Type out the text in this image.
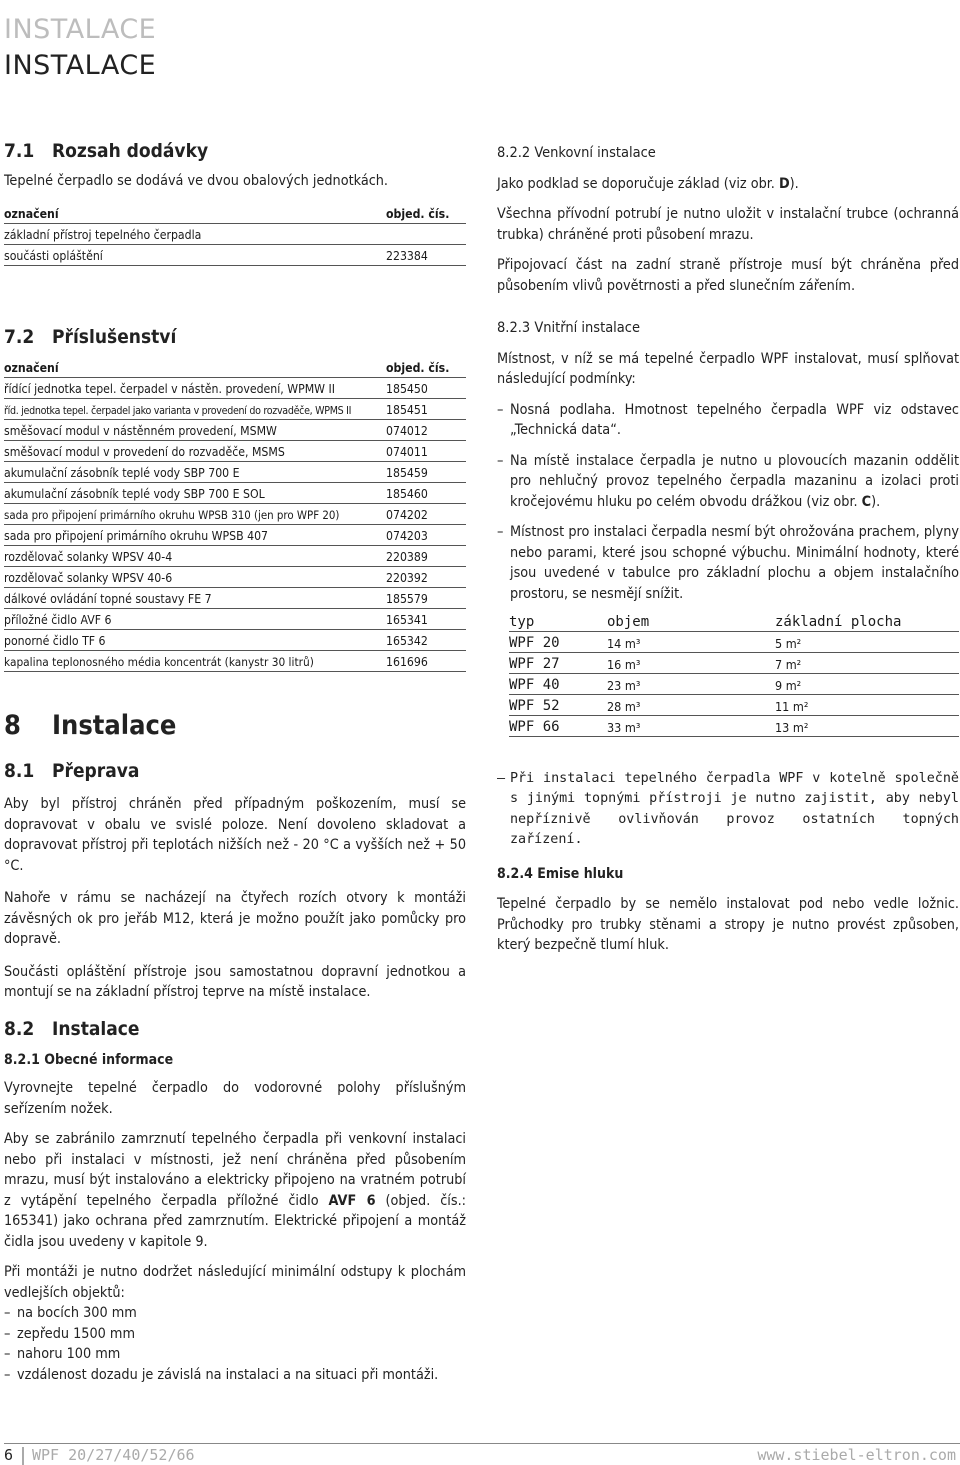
INSTALACE
INSTALACE
7.1 Rozsah dodávky
Tepelné čerpadlo se dodává ve dvou obalových jednotkách.
označení	objed. čís.
základní přístroj tepelného čerpadla	
součásti opláštění	223384
7.2 Příslušenství
označení	objed. čís.
řídící jednotka tepel. čerpadel v nástěn. provedení, WPMW II	185450
říd. jednotka tepel. čerpadel jako varianta v provedení do rozvaděče, WPMS II	185451
směšovací modul v nástěnném provedení, MSMW	074012
směšovací modul v provedení do rozvaděče, MSMS	074011
akumulační zásobník teplé vody SBP 700 E	185459
akumulační zásobník teplé vody SBP 700 E SOL	185460
sada pro připojení primárního okruhu WPSB 310 (jen pro WPF 20)	074202
sada pro připojení primárního okruhu WPSB 407	074203
rozdělovač solanky WPSV 40-4	220389
rozdělovač solanky WPSV 40-6	220392
dálkové ovládání topné soustavy FE 7	185579
příložné čidlo AVF 6	165341
ponorné čidlo TF 6	165342
kapalina teplonosného média koncentrát (kanystr 30 litrů)	161696
8 Instalace
8.1 Přeprava
Aby byl přístroj chráněn před případným poškozením, musí se dopravovat v obalu ve svislé poloze. Není dovoleno skladovat a dopravovat přístroj při teplotách nižších než - 20 °C a vyšších než + 50 °C.
Nahoře v rámu se nacházejí na čtyřech rozích otvory k montáži závěsných ok pro jeřáb M12, která je možno použít jako pomůcky pro dopravě.
Součásti opláštění přístroje jsou samostatnou dopravní jednotkou a montují se na základní přístroj teprve na místě instalace.
8.2 Instalace
8.2.1 Obecné informace
Vyrovnejte tepelné čerpadlo do vodorovné polohy příslušným seřízením nožek.
Aby se zabránilo zamrznutí tepelného čerpadla při venkovní instalaci nebo při instalaci v místnosti, jež není chráněna před působením mrazu, musí být instalováno a elektricky připojeno na vratném potrubí z vytápění tepelného čerpadla příložné čidlo AVF 6 (objed. čís.: 165341) jako ochrana před zamrznutím. Elektrické připojení a montáž čidla jsou uvedeny v kapitole 9.
Při montáži je nutno dodržet následující minimální odstupy k plochám vedlejších objektů:
– na bocích 300 mm
– zepředu 1500 mm
– nahoru 100 mm
– vzdálenost dozadu je závislá na instalaci a na situaci při montáži.
8.2.2 Venkovní instalace
Jako podklad se doporučuje základ (viz obr. D).
Všechna přívodní potrubí je nutno uložit v instalační trubce (ochranná trubka) chráněné proti působení mrazu.
Připojovací část na zadní straně přístroje musí být chráněna před působením vlivů povětrnosti a před slunečním zářením.
8.2.3 Vnitřní instalace
Místnost, v níž se má tepelné čerpadlo WPF instalovat, musí splňovat následující podmínky:
– Nosná podlaha. Hmotnost tepelného čerpadla WPF viz odstavec „Technická data“.
– Na místě instalace čerpadla je nutno u plovoucích mazanin oddělit pro nehlučný provoz tepelného čerpadla mazaninu a izolaci proti kročejovému hluku po celém obvodu drážkou (viz obr. C).
– Místnost pro instalaci čerpadla nesmí být ohrožována prachem, plyny nebo parami, které jsou schopné výbuchu. Minimální hodnoty, které jsou uvedené v tabulce pro základní plochu a objem instalačního prostoru, se nesmějí snížit.
typ	objem	základní plocha
WPF 20	14 m³	5 m²
WPF 27	16 m³	7 m²
WPF 40	23 m³	9 m²
WPF 52	28 m³	11 m²
WPF 66	33 m³	13 m²
– Při instalaci tepelného čerpadla WPF v kotelně společně s jinými topnými přístroji je nutno zajistit, aby nebyl nepříznivě ovlivňován provoz ostatních topných zařízení.
8.2.4 Emise hluku
Tepelné čerpadlo by se nemělo instalovat pod nebo vedle ložnic. Průchodky pro trubky stěnami a stropy je nutno provést způsoben, který bezpečně tlumí hluk.
6 WPF 20/27/40/52/66	www.stiebel-eltron.com
